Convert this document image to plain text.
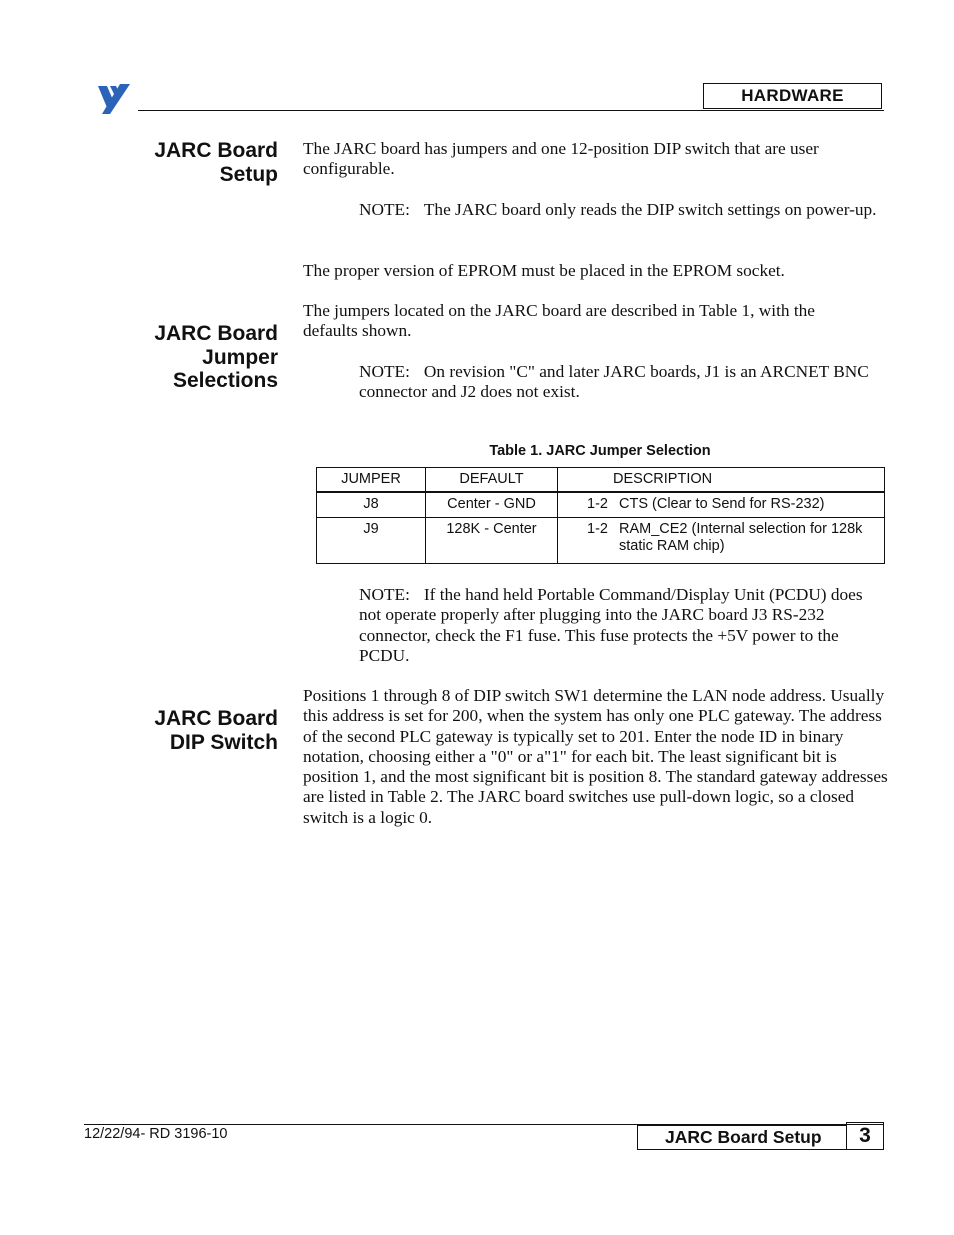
HARDWARE
JARC Board
Setup
JARC Board
Jumper
Selections
JARC Board
DIP Switch
The JARC board has jumpers and one 12-position DIP switch that are user configurable.
NOTE: The JARC board only reads the DIP switch settings on power-up.
The proper version of EPROM must be placed in the EPROM socket.
The jumpers located on the JARC board are described in Table 1, with the defaults shown.
NOTE: On revision "C" and later JARC boards, J1 is an ARCNET BNC connector and J2 does not exist.
Table 1. JARC Jumper Selection
JUMPER	DEFAULT	DESCRIPTION
J8	Center - GND	1-2 CTS (Clear to Send for RS-232)
J9	128K - Center	1-2 RAM_CE2 (Internal selection for 128k static RAM chip)
NOTE: If the hand held Portable Command/Display Unit (PCDU) does not operate properly after plugging into the JARC board J3 RS-232 connector, check the F1 fuse. This fuse protects the +5V power to the PCDU.
Positions 1 through 8 of DIP switch SW1 determine the LAN node address. Usually this address is set for 200, when the system has only one PLC gateway. The address of the second PLC gateway is typically set to 201. Enter the node ID in binary notation, choosing either a "0" or a"1" for each bit. The least significant bit is position 1, and the most significant bit is position 8. The standard gateway addresses are listed in Table 2. The JARC board switches use pull-down logic, so a closed switch is a logic 0.
12/22/94- RD 3196-10	JARC Board Setup	3
